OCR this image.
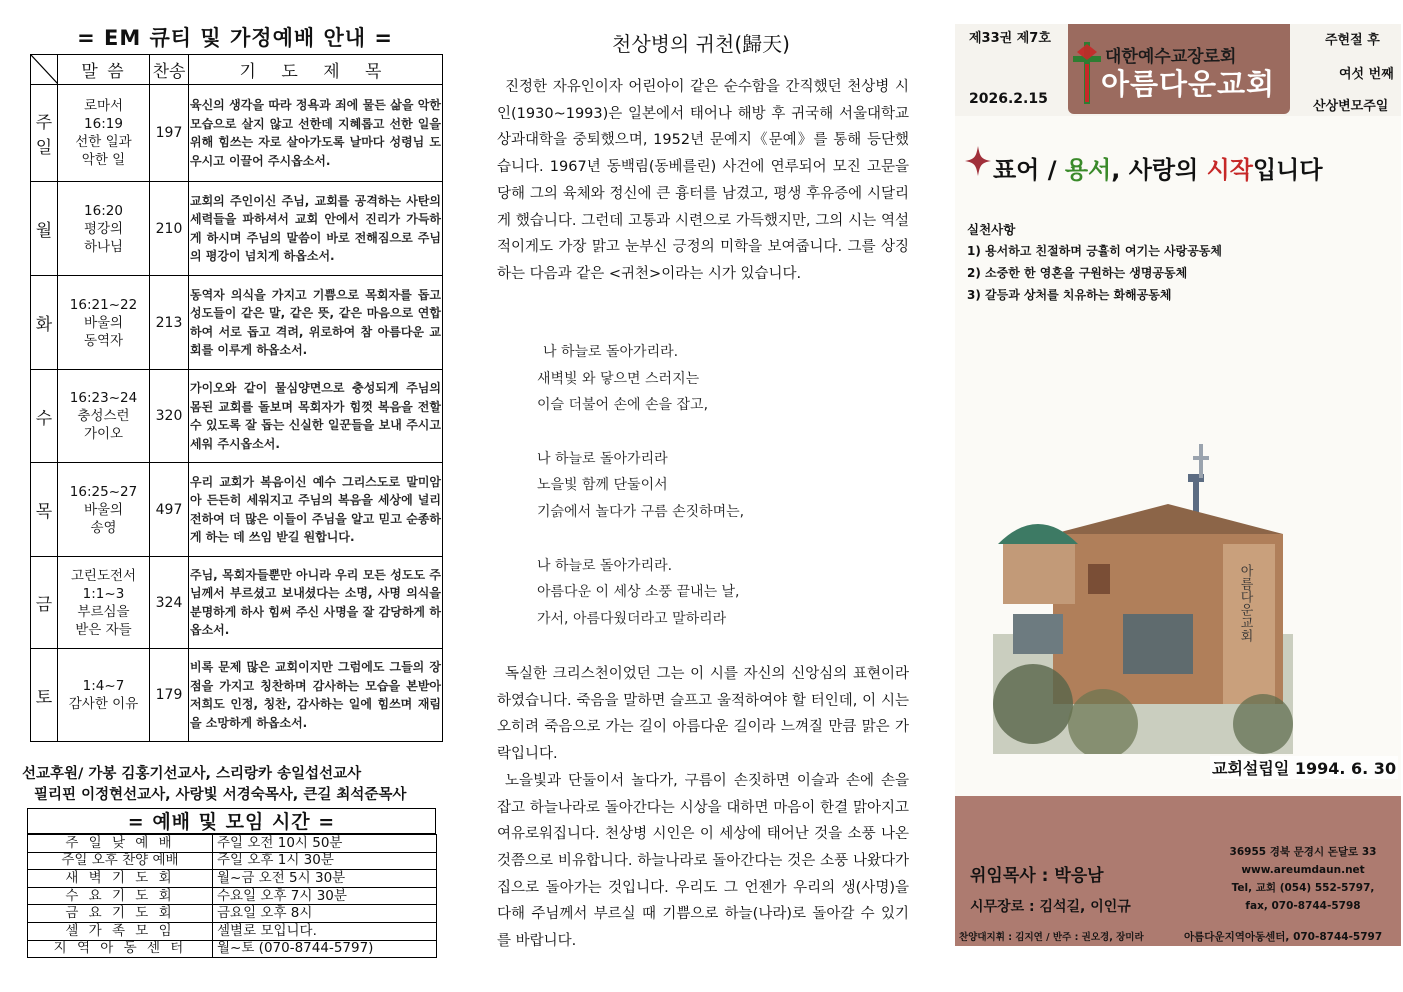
= EM 큐티 및 가정예배 안내 =
	말 씀	찬송	기 도 제 목
주
일	로마서
16:19
선한 일과
악한 일	197	육신의 생각을 따라 정욕과 죄에 물든 삶을 악한 모습으로 살지 않고 선한데 지혜롭고 선한 일을 위해 힘쓰는 자로 살아가도록 날마다 성령님 도우시고 이끌어 주시옵소서.
월	16:20
평강의
하나님	210	교회의 주인이신 주님, 교회를 공격하는 사탄의 세력들을 파하셔서 교회 안에서 진리가 가득하게 하시며 주님의 말씀이 바로 전해짐으로 주님의 평강이 넘치게 하옵소서.
화	16:21~22
바울의
동역자	213	동역자 의식을 가지고 기쁨으로 목회자를 돕고 성도들이 같은 말, 같은 뜻, 같은 마음으로 연합하여 서로 돕고 격려, 위로하여 참 아름다운 교회를 이루게 하옵소서.
수	16:23~24
충성스런
가이오	320	가이오와 같이 물심양면으로 충성되게 주님의 몸된 교회를 돌보며 목회자가 힘껏 복음을 전할 수 있도록 잘 돕는 신실한 일꾼들을 보내 주시고 세워 주시옵소서.
목	16:25~27
바울의
송영	497	우리 교회가 복음이신 예수 그리스도로 말미암아 든든히 세워지고 주님의 복음을 세상에 널리 전하여 더 많은 이들이 주님을 알고 믿고 순종하게 하는 데 쓰임 받길 원합니다.
금	고린도전서
1:1~3
부르심을
받은 자들	324	주님, 목회자들뿐만 아니라 우리 모든 성도도 주님께서 부르셨고 보내셨다는 소명, 사명 의식을 분명하게 하사 힘써 주신 사명을 잘 감당하게 하옵소서.
토	1:4~7
감사한 이유	179	비록 문제 많은 교회이지만 그럼에도 그들의 장점을 가지고 칭찬하며 감사하는 모습을 본받아 저희도 인정, 칭찬, 감사하는 일에 힘쓰며 재림을 소망하게 하옵소서.
선교후원/ 가봉 김홍기선교사, 스리랑카 송일섭선교사
필리핀 이정현선교사, 사랑빛 서경숙목사, 큰길 최석준목사
= 예배 및 모임 시간 =
주 일 낮 예 배	주일 오전 10시 50분
주일 오후 찬양 예배	주일 오후 1시 30분
새 벽 기 도 회	월~금 오전 5시 30분
수 요 기 도 회	수요일 오후 7시 30분
금 요 기 도 회	금요일 오후 8시
셀 가 족 모 임	셀별로 모입니다.
지 역 아 동 센 터	월~토 (070-8744-5797)
천상병의 귀천(歸天)
진정한 자유인이자 어린아이 같은 순수함을 간직했던 천상병 시인(1930~1993)은 일본에서 태어나 해방 후 귀국해 서울대학교 상과대학을 중퇴했으며, 1952년 문예지《문예》를 통해 등단했습니다. 1967년 동백림(동베를린) 사건에 연루되어 모진 고문을 당해 그의 육체와 정신에 큰 흉터를 남겼고, 평생 후유증에 시달리게 했습니다. 그런데 고통과 시련으로 가득했지만, 그의 시는 역설적이게도 가장 맑고 눈부신 긍정의 미학을 보여줍니다. 그를 상징하는 다음과 같은 <귀천>이라는 시가 있습니다.
나 하늘로 돌아가리라.
새벽빛 와 닿으면 스러지는
이슬 더불어 손에 손을 잡고,
나 하늘로 돌아가리라
노을빛 함께 단둘이서
기슭에서 놀다가 구름 손짓하며는,
나 하늘로 돌아가리라.
아름다운 이 세상 소풍 끝내는 날,
가서, 아름다웠더라고 말하리라
독실한 크리스천이었던 그는 이 시를 자신의 신앙심의 표현이라 하였습니다. 죽음을 말하면 슬프고 울적하여야 할 터인데, 이 시는 오히려 죽음으로 가는 길이 아름다운 길이라 느껴질 만큼 맑은 가락입니다.
노을빛과 단둘이서 놀다가, 구름이 손짓하면 이슬과 손에 손을 잡고 하늘나라로 돌아간다는 시상을 대하면 마음이 한결 맑아지고 여유로워집니다. 천상병 시인은 이 세상에 태어난 것을 소풍 나온 것쯤으로 비유합니다. 하늘나라로 돌아간다는 것은 소풍 나왔다가 집으로 돌아가는 것입니다. 우리도 그 언젠가 우리의 생(사명)을 다해 주님께서 부르실 때 기쁨으로 하늘(나라)로 돌아갈 수 있기를 바랍니다.
제33권 제7호
2026.2.15
대한예수교장로회
아름다운교회
주현절 후
여섯 번째
산상변모주일
표어 / 용서, 사랑의 시작입니다
실천사항
1) 용서하고 친절하며 긍휼히 여기는 사랑공동체
2) 소중한 한 영혼을 구원하는 생명공동체
3) 갈등과 상처를 치유하는 화해공동체
아름다운교회
교회설립일 1994. 6. 30
위임목사 : 박응남
시무장로 : 김석길, 이인규
찬양대지휘 : 김지연 / 반주 : 권오경, 장미라
36955 경북 문경시 돈달로 33
www.areumdaun.net
Tel, 교회 (054) 552-5797,
fax, 070-8744-5798
아름다운지역아동센터, 070-8744-5797
